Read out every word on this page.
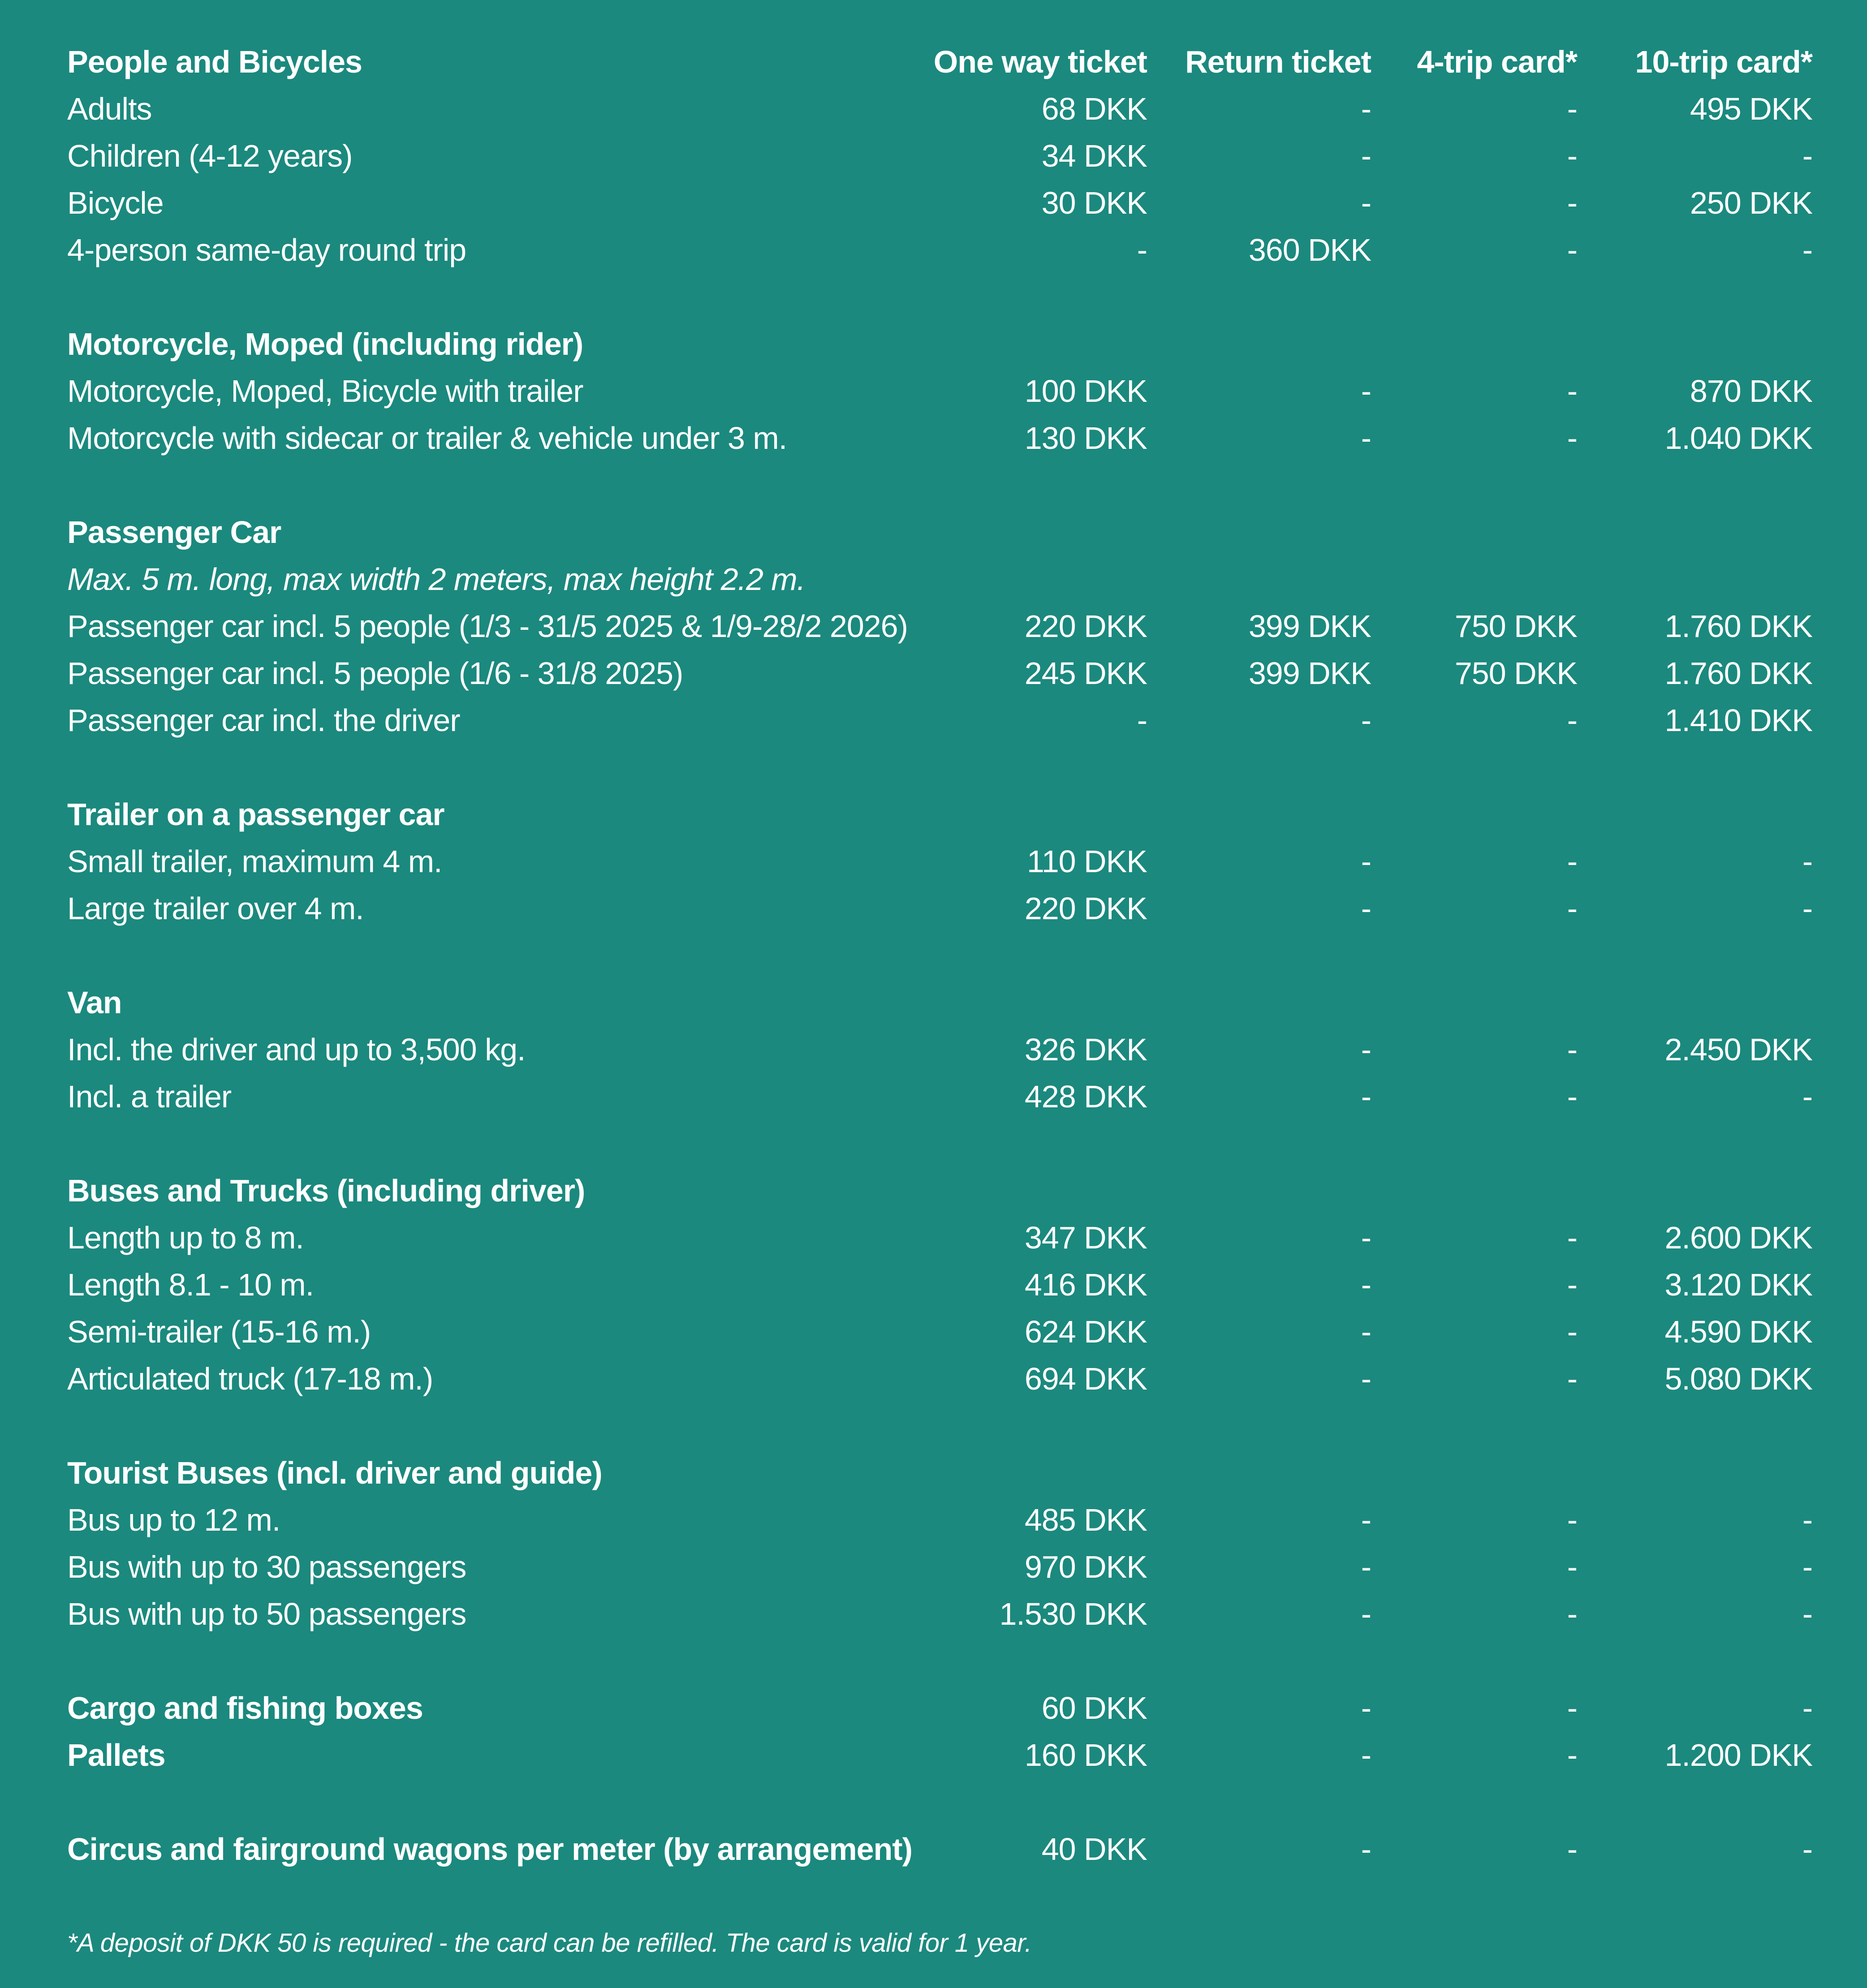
People and Bicycles	One way ticket	Return ticket	4-trip card*	10-trip card*
Adults	68 DKK	-	-	495 DKK
Children (4-12 years)	34 DKK	-	-	-
Bicycle	30 DKK	-	-	250 DKK
4-person same-day round trip	-	360 DKK	-	-
Motorcycle, Moped (including rider)
Motorcycle, Moped, Bicycle with trailer	100 DKK	-	-	870 DKK
Motorcycle with sidecar or trailer & vehicle under 3 m.	130 DKK	-	-	1.040 DKK
Passenger Car
Max. 5 m. long, max width 2 meters, max height 2.2 m.
Passenger car incl. 5 people (1/3 - 31/5 2025 & 1/9-28/2 2026)	220 DKK	399 DKK	750 DKK	1.760 DKK
Passenger car incl. 5 people (1/6 - 31/8 2025)	245 DKK	399 DKK	750 DKK	1.760 DKK
Passenger car incl. the driver	-	-	-	1.410 DKK
Trailer on a passenger car
Small trailer, maximum 4 m.	110 DKK	-	-	-
Large trailer over 4 m.	220 DKK	-	-	-
Van
Incl. the driver and up to 3,500 kg.	326 DKK	-	-	2.450 DKK
Incl. a trailer	428 DKK	-	-	-
Buses and Trucks (including driver)
Length up to 8 m.	347 DKK	-	-	2.600 DKK
Length 8.1 - 10 m.	416 DKK	-	-	3.120 DKK
Semi-trailer (15-16 m.)	624 DKK	-	-	4.590 DKK
Articulated truck (17-18 m.)	694 DKK	-	-	5.080 DKK
Tourist Buses (incl. driver and guide)
Bus up to 12 m.	485 DKK	-	-	-
Bus with up to 30 passengers	970 DKK	-	-	-
Bus with up to 50 passengers	1.530 DKK	-	-	-
Cargo and fishing boxes	60 DKK	-	-	-
Pallets	160 DKK	-	-	1.200 DKK
Circus and fairground wagons per meter (by arrangement)	40 DKK	-	-	-
*A deposit of DKK 50 is required - the card can be refilled. The card is valid for 1 year.
